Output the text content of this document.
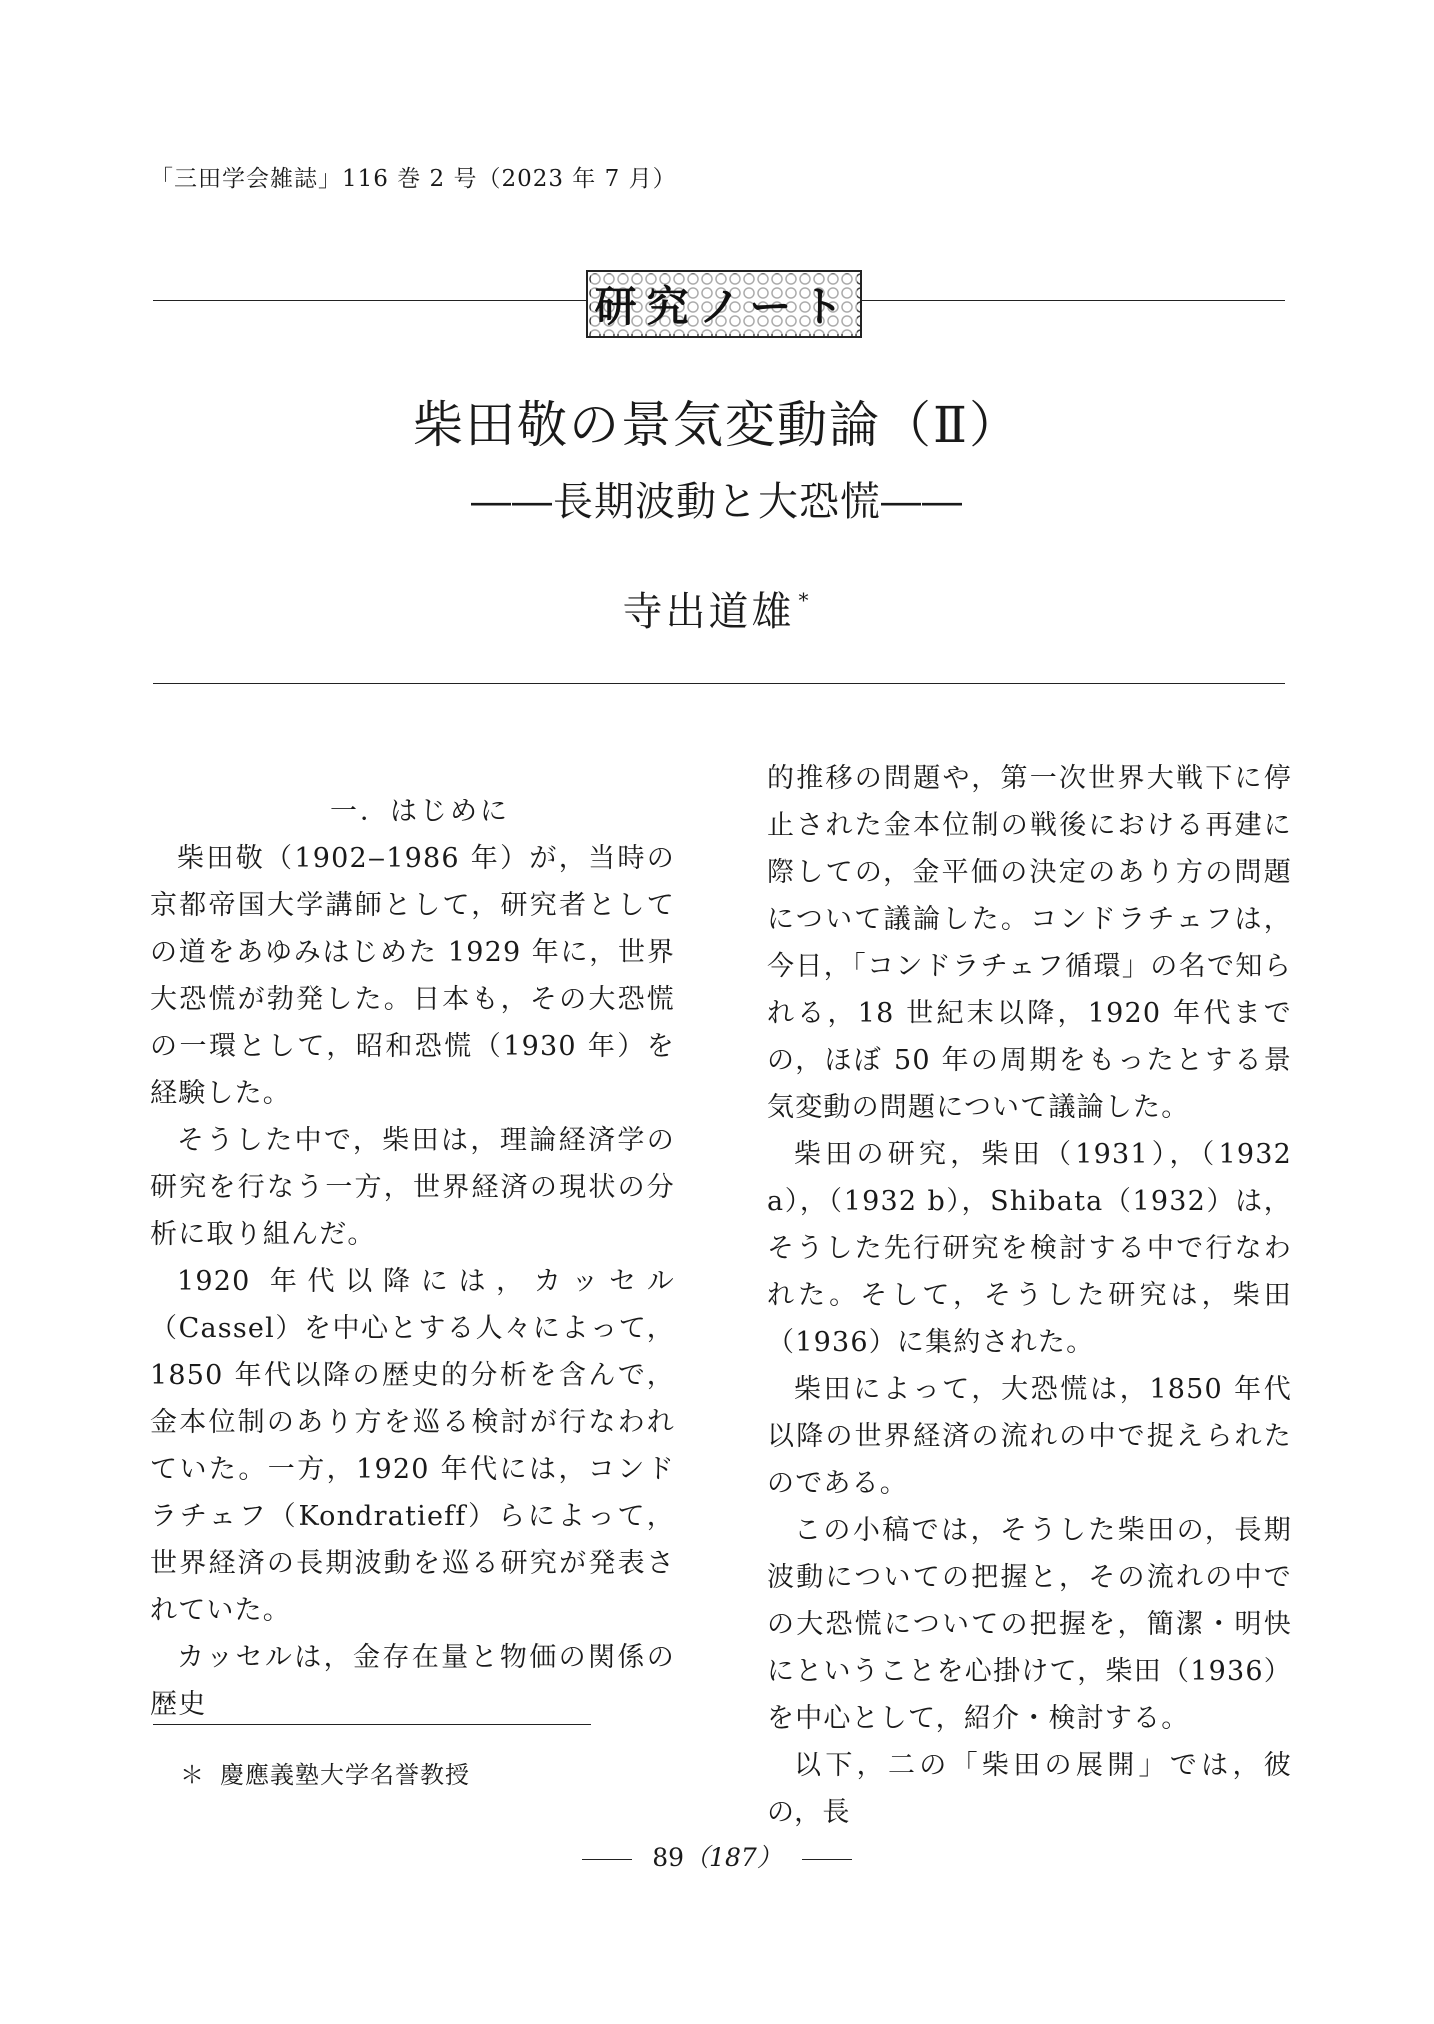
「三田学会雑誌」116 巻 2 号（2023 年 7 月）
研究ノート
柴田敬の景気変動論（Ⅱ）
――長期波動と大恐慌――
寺出道雄 *

一．はじめに

柴田敬（1902‒1986 年）が，当時の京都帝国大学講師として，研究者としての道をあゆみはじめた 1929 年に，世界大恐慌が勃発した。日本も，その大恐慌の一環として，昭和恐慌（1930 年）を経験した。

そうした中で，柴田は，理論経済学の研究を行なう一方，世界経済の現状の分析に取り組んだ。

1920 年代以降には，カッセル（Cassel）を中心とする人々によって，1850 年代以降の歴史的分析を含んで，金本位制のあり方を巡る検討が行なわれていた。一方，1920 年代には，コンドラチェフ（Kondratieff）らによって，世界経済の長期波動を巡る研究が発表されていた。

カッセルは，金存在量と物価の関係の歴史

的推移の問題や，第一次世界大戦下に停止された金本位制の戦後における再建に際しての，金平価の決定のあり方の問題について議論した。コンドラチェフは，今日，「コンドラチェフ循環」の名で知られる，18 世紀末以降，1920 年代までの，ほぼ 50 年の周期をもったとする景気変動の問題について議論した。

柴田の研究，柴田（1931），（1932 a），（1932 b），Shibata（1932）は，そうした先行研究を検討する中で行なわれた。そして，そうした研究は，柴田（1936）に集約された。

柴田によって，大恐慌は，1850 年代以降の世界経済の流れの中で捉えられたのである。

この小稿では，そうした柴田の，長期波動についての把握と，その流れの中での大恐慌についての把握を，簡潔・明快にということを心掛けて，柴田（1936）を中心として，紹介・検討する。

以下，二の「柴田の展開」では，彼の，長

＊ 慶應義塾大学名誉教授
89（187）
